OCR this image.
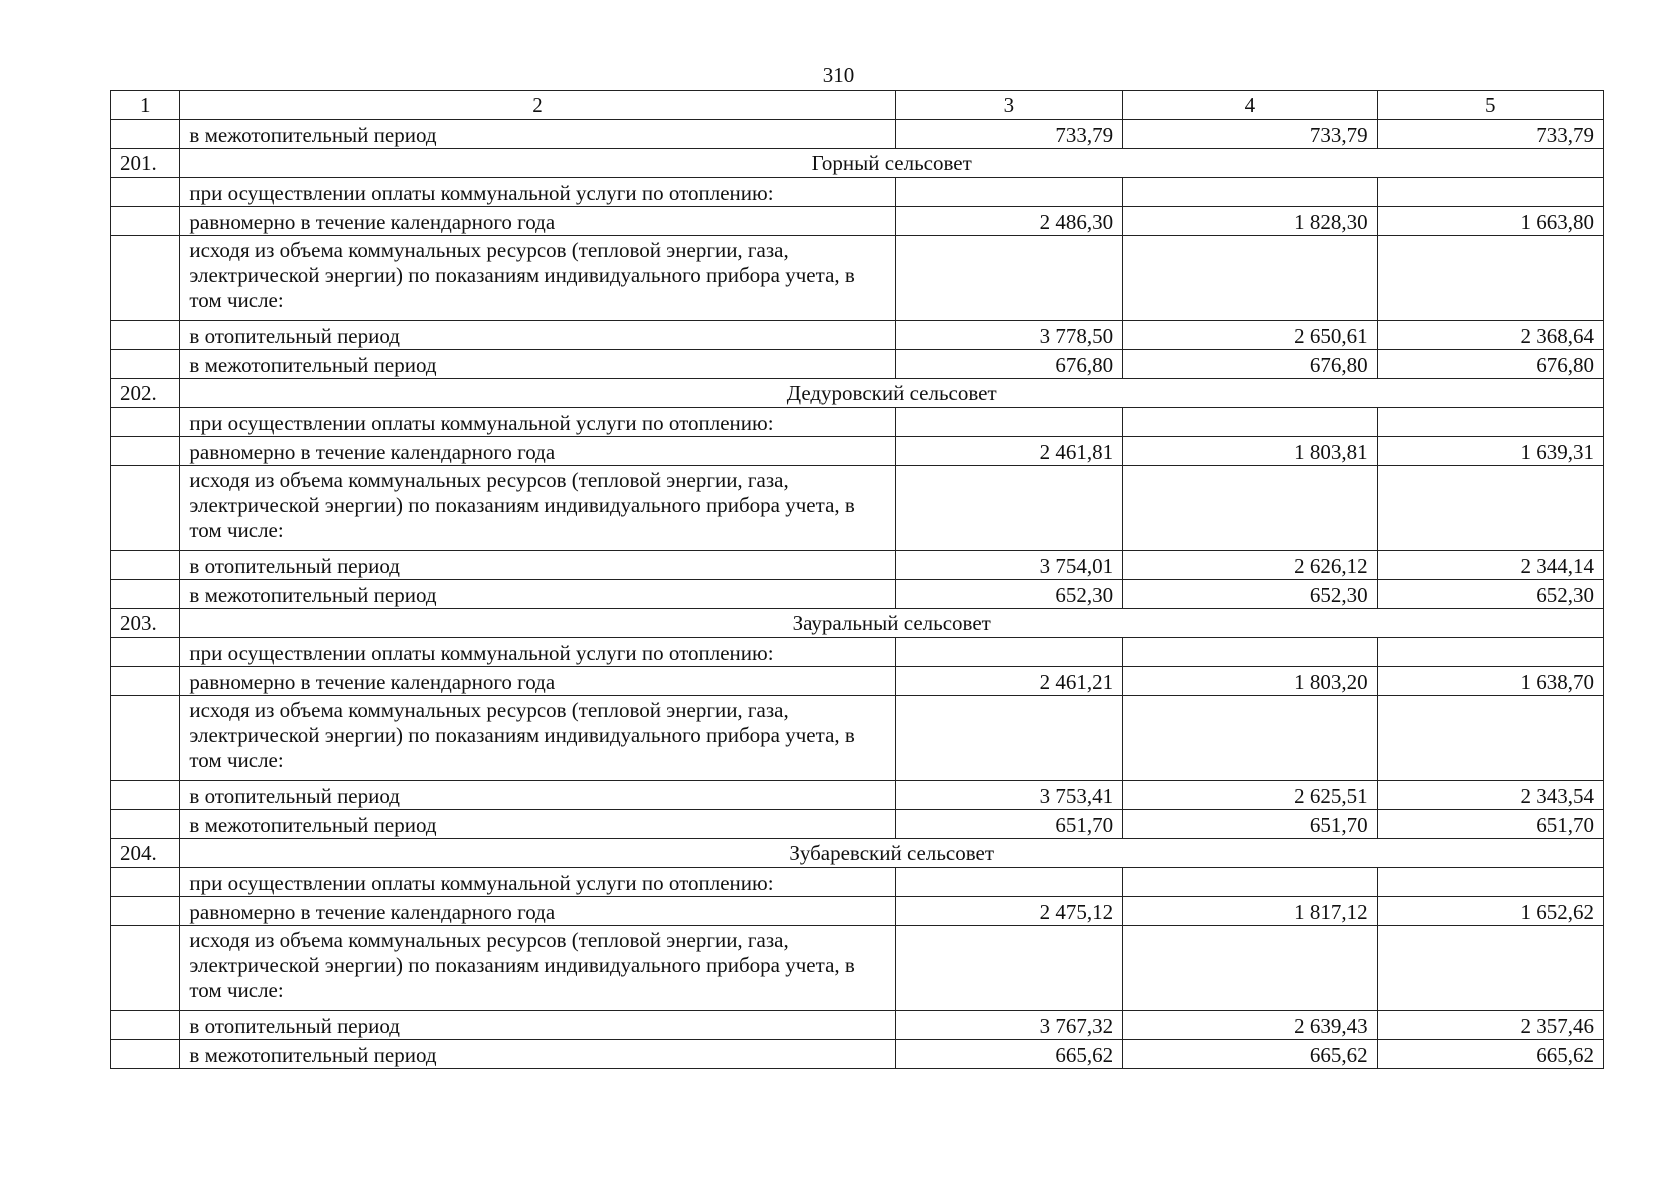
310
1	2	3	4	5
	в межотопительный период	733,79	733,79	733,79
201.	Горный сельсовет			
	при осуществлении оплаты коммунальной услуги по отоплению:			
	равномерно в течение календарного года	2 486,30	1 828,30	1 663,80
	исходя из объема коммунальных ресурсов (тепловой энергии, газа, электрической энергии) по показаниям индивидуального прибора учета, в том числе:			
	в отопительный период	3 778,50	2 650,61	2 368,64
	в межотопительный период	676,80	676,80	676,80
202.	Дедуровский сельсовет			
	при осуществлении оплаты коммунальной услуги по отоплению:			
	равномерно в течение календарного года	2 461,81	1 803,81	1 639,31
	исходя из объема коммунальных ресурсов (тепловой энергии, газа, электрической энергии) по показаниям индивидуального прибора учета, в том числе:			
	в отопительный период	3 754,01	2 626,12	2 344,14
	в межотопительный период	652,30	652,30	652,30
203.	Зауральный сельсовет			
	при осуществлении оплаты коммунальной услуги по отоплению:			
	равномерно в течение календарного года	2 461,21	1 803,20	1 638,70
	исходя из объема коммунальных ресурсов (тепловой энергии, газа, электрической энергии) по показаниям индивидуального прибора учета, в том числе:			
	в отопительный период	3 753,41	2 625,51	2 343,54
	в межотопительный период	651,70	651,70	651,70
204.	Зубаревский сельсовет			
	при осуществлении оплаты коммунальной услуги по отоплению:			
	равномерно в течение календарного года	2 475,12	1 817,12	1 652,62
	исходя из объема коммунальных ресурсов (тепловой энергии, газа, электрической энергии) по показаниям индивидуального прибора учета, в том числе:			
	в отопительный период	3 767,32	2 639,43	2 357,46
	в межотопительный период	665,62	665,62	665,62
